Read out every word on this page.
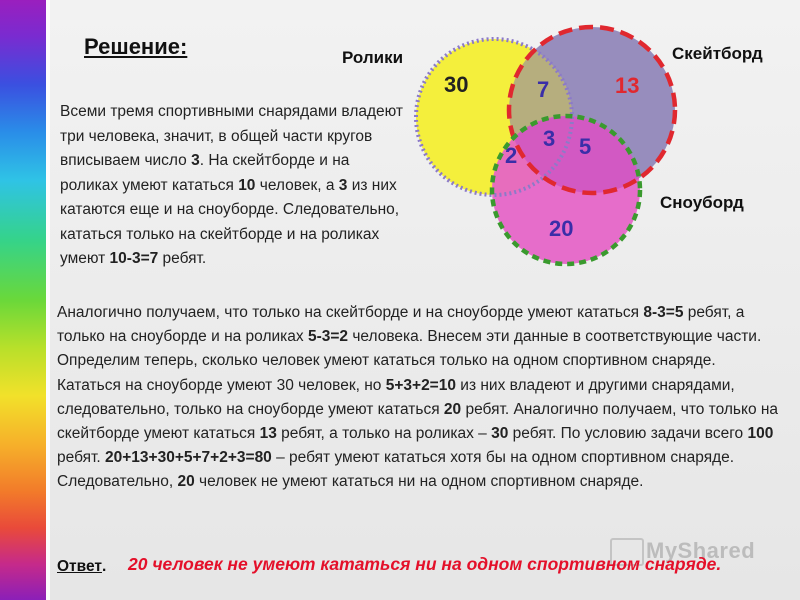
Решение:
30	7	13
3
2	5
20
Ролики	Скейтборд
Сноуборд
Всеми тремя спортивными снарядами владеют три человека, значит, в общей части кругов вписываем число 3. На скейтборде и на роликах умеют кататься 10 человек, а 3 из них катаются еще и на сноуборде. Следовательно, кататься только на скейтборде и на роликах умеют 10-3=7 ребят.
Аналогично получаем, что только на скейтборде и на сноуборде умеют кататься 8-3=5 ребят, а только на сноуборде и на роликах 5-3=2 человека. Внесем эти данные в соответствующие части. Определим теперь, сколько человек умеют кататься только на одном спортивном снаряде. Кататься на сноуборде умеют 30 человек, но 5+3+2=10 из них владеют и другими снарядами, следовательно, только на сноуборде умеют кататься 20 ребят. Аналогично получаем, что только на скейтборде умеют кататься 13 ребят, а только на роликах – 30 ребят. По условию задачи всего 100 ребят. 20+13+30+5+7+2+3=80 – ребят умеют кататься хотя бы на одном спортивном снаряде. Следовательно, 20 человек не умеют кататься ни на одном спортивном снаряде.
MyShared
Ответ. 20 человек не умеют кататься ни на одном спортивном снаряде.
